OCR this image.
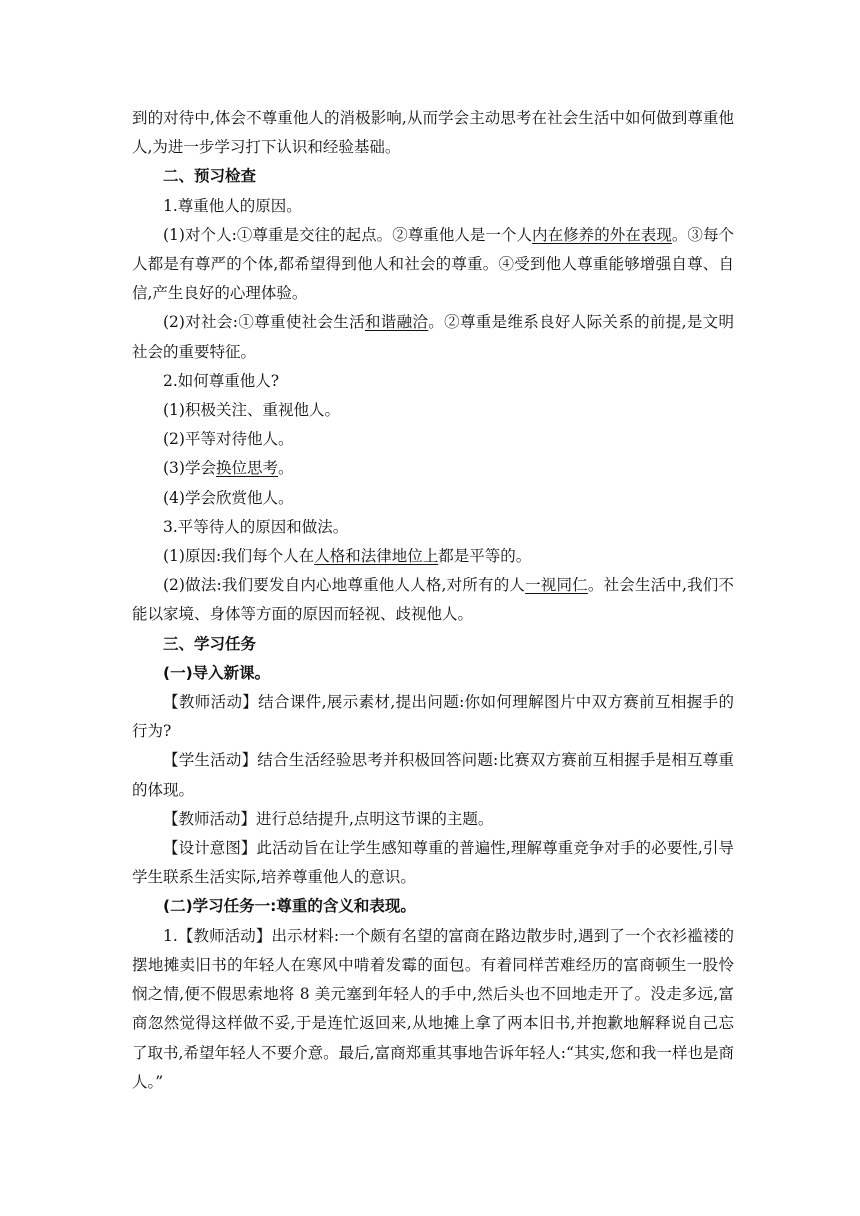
到的对待中,体会不尊重他人的消极影响,从而学会主动思考在社会生活中如何做到尊重他人,为进一步学习打下认识和经验基础。

二、预习检查

1.尊重他人的原因。

(1)对个人:①尊重是交往的起点。②尊重他人是一个人内在修养的外在表现。③每个人都是有尊严的个体,都希望得到他人和社会的尊重。④受到他人尊重能够增强自尊、自信,产生良好的心理体验。

(2)对社会:①尊重使社会生活和谐融洽。②尊重是维系良好人际关系的前提,是文明社会的重要特征。

2.如何尊重他人?

(1)积极关注、重视他人。

(2)平等对待他人。

(3)学会换位思考。

(4)学会欣赏他人。

3.平等待人的原因和做法。

(1)原因:我们每个人在人格和法律地位上都是平等的。

(2)做法:我们要发自内心地尊重他人人格,对所有的人一视同仁。社会生活中,我们不能以家境、身体等方面的原因而轻视、歧视他人。

三、学习任务

(一)导入新课。

【教师活动】结合课件,展示素材,提出问题:你如何理解图片中双方赛前互相握手的行为?

【学生活动】结合生活经验思考并积极回答问题:比赛双方赛前互相握手是相互尊重的体现。

【教师活动】进行总结提升,点明这节课的主题。

【设计意图】此活动旨在让学生感知尊重的普遍性,理解尊重竞争对手的必要性,引导学生联系生活实际,培养尊重他人的意识。

(二)学习任务一:尊重的含义和表现。

1.【教师活动】出示材料:一个颇有名望的富商在路边散步时,遇到了一个衣衫褴褛的摆地摊卖旧书的年轻人在寒风中啃着发霉的面包。有着同样苦难经历的富商顿生一股怜悯之情,便不假思索地将 8 美元塞到年轻人的手中,然后头也不回地走开了。没走多远,富商忽然觉得这样做不妥,于是连忙返回来,从地摊上拿了两本旧书,并抱歉地解释说自己忘了取书,希望年轻人不要介意。最后,富商郑重其事地告诉年轻人:“其实,您和我一样也是商人。”
